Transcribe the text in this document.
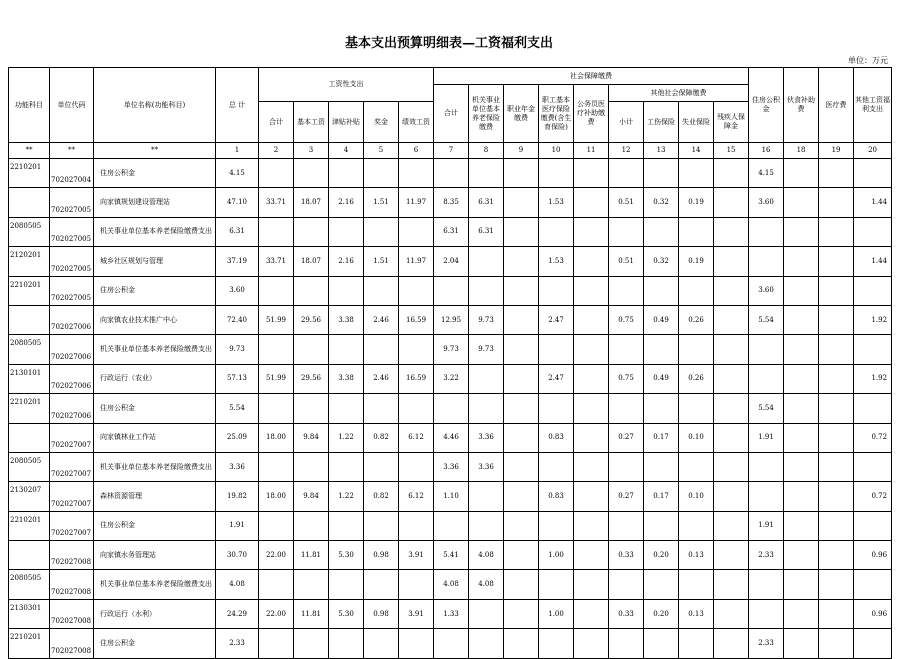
基本支出预算明细表—工资福利支出
单位：万元
功能科目	单位代码	单位名称(功能科目)	总 计	工资性支出					社会保障缴费									住房公积金	伙食补助费	医疗费	其他工资福利支出
									合计	机关事业单位基本养老保险缴费	职业年金缴费	职工基本医疗保险缴费(含生育保险)	公务员医疗补助缴费	其他社会保障缴费							
				合计	基本工资	津贴补贴	奖金	绩效工资						小计	工伤保险	失业保险	残疾人保障金				
**	**	**	1	2	3	4	5	6	7	8	9	10	11	12	13	14	15	16	18	19	20
2210201	702027004	住房公积金	4.15															4.15			
	702027005	向家镇规划建设管理站	47.10	33.71	18.07	2.16	1.51	11.97	8.35	6.31		1.53		0.51	0.32	0.19		3.60			1.44
2080505	702027005	机关事业单位基本养老保险缴费支出	6.31						6.31	6.31											
2120201	702027005	城乡社区规划与管理	37.19	33.71	18.07	2.16	1.51	11.97	2.04			1.53		0.51	0.32	0.19					1.44
2210201	702027005	住房公积金	3.60															3.60			
	702027006	向家镇农业技术推广中心	72.40	51.99	29.56	3.38	2.46	16.59	12.95	9.73		2.47		0.75	0.49	0.26		5.54			1.92
2080505	702027006	机关事业单位基本养老保险缴费支出	9.73						9.73	9.73											
2130101	702027006	行政运行（农业）	57.13	51.99	29.56	3.38	2.46	16.59	3.22			2.47		0.75	0.49	0.26					1.92
2210201	702027006	住房公积金	5.54															5.54			
	702027007	向家镇林业工作站	25.09	18.00	9.84	1.22	0.82	6.12	4.46	3.36		0.83		0.27	0.17	0.10		1.91			0.72
2080505	702027007	机关事业单位基本养老保险缴费支出	3.36						3.36	3.36											
2130207	702027007	森林资源管理	19.82	18.00	9.84	1.22	0.82	6.12	1.10			0.83		0.27	0.17	0.10					0.72
2210201	702027007	住房公积金	1.91															1.91			
	702027008	向家镇水务管理站	30.70	22.00	11.81	5.30	0.98	3.91	5.41	4.08		1.00		0.33	0.20	0.13		2.33			0.96
2080505	702027008	机关事业单位基本养老保险缴费支出	4.08						4.08	4.08											
2130301	702027008	行政运行（水利）	24.29	22.00	11.81	5.30	0.98	3.91	1.33			1.00		0.33	0.20	0.13					0.96
2210201	702027008	住房公积金	2.33															2.33			
